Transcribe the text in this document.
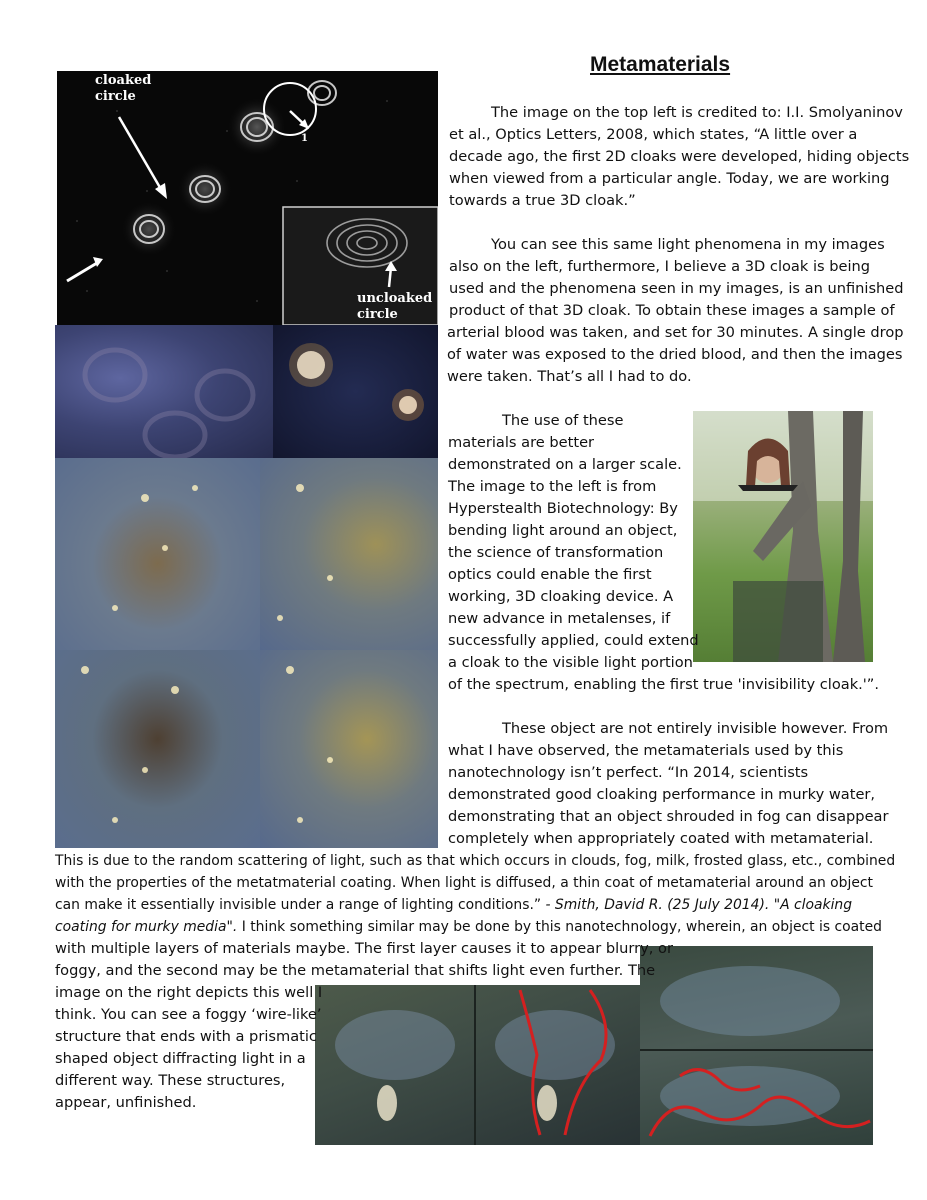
Metamaterials
cloaked
circle
uncloaked
circle
1
The image on the top left is credited to: I.I. Smolyaninov
et al., Optics Letters, 2008, which states, “A little over a
decade ago, the first 2D cloaks were developed, hiding objects
when viewed from a particular angle. Today, we are working
towards a true 3D cloak.”
You can see this same light phenomena in my images
also on the left, furthermore, I believe a 3D cloak is being
used and the phenomena seen in my images, is an unfinished
product of that 3D cloak. To obtain these images a sample of
arterial blood was taken, and set for 30 minutes. A single drop
of water was exposed to the dried blood, and then the images
were taken. That’s all I had to do.
The use of these
materials are better
demonstrated on a larger scale.
The image to the left is from
Hyperstealth Biotechnology: By
bending light around an object,
the science of transformation
optics could enable the first
working, 3D cloaking device. A
new advance in metalenses, if
successfully applied, could extend
a cloak to the visible light portion
of the spectrum, enabling the first true 'invisibility cloak.'”.
These object are not entirely invisible however. From
what I have observed, the metamaterials used by this
nanotechnology isn’t perfect. “In 2014, scientists
demonstrated good cloaking performance in murky water,
demonstrating that an object shrouded in fog can disappear
completely when appropriately coated with metamaterial.
This is due to the random scattering of light, such as that which occurs in clouds, fog, milk, frosted glass, etc., combined
with the properties of the metatmaterial coating. When light is diffused, a thin coat of metamaterial around an object
can make it essentially invisible under a range of lighting conditions.” - Smith, David R. (25 July 2014). "A cloaking
coating for murky media". I think something similar may be done by this nanotechnology, wherein, an object is coated
with multiple layers of materials maybe. The first layer causes it to appear blurry, or
foggy, and the second may be the metamaterial that shifts light even further. The
image on the right depicts this well I
think. You can see a foggy ‘wire-like’
structure that ends with a prismatic
shaped object diffracting light in a
different way. These structures,
appear, unfinished.
